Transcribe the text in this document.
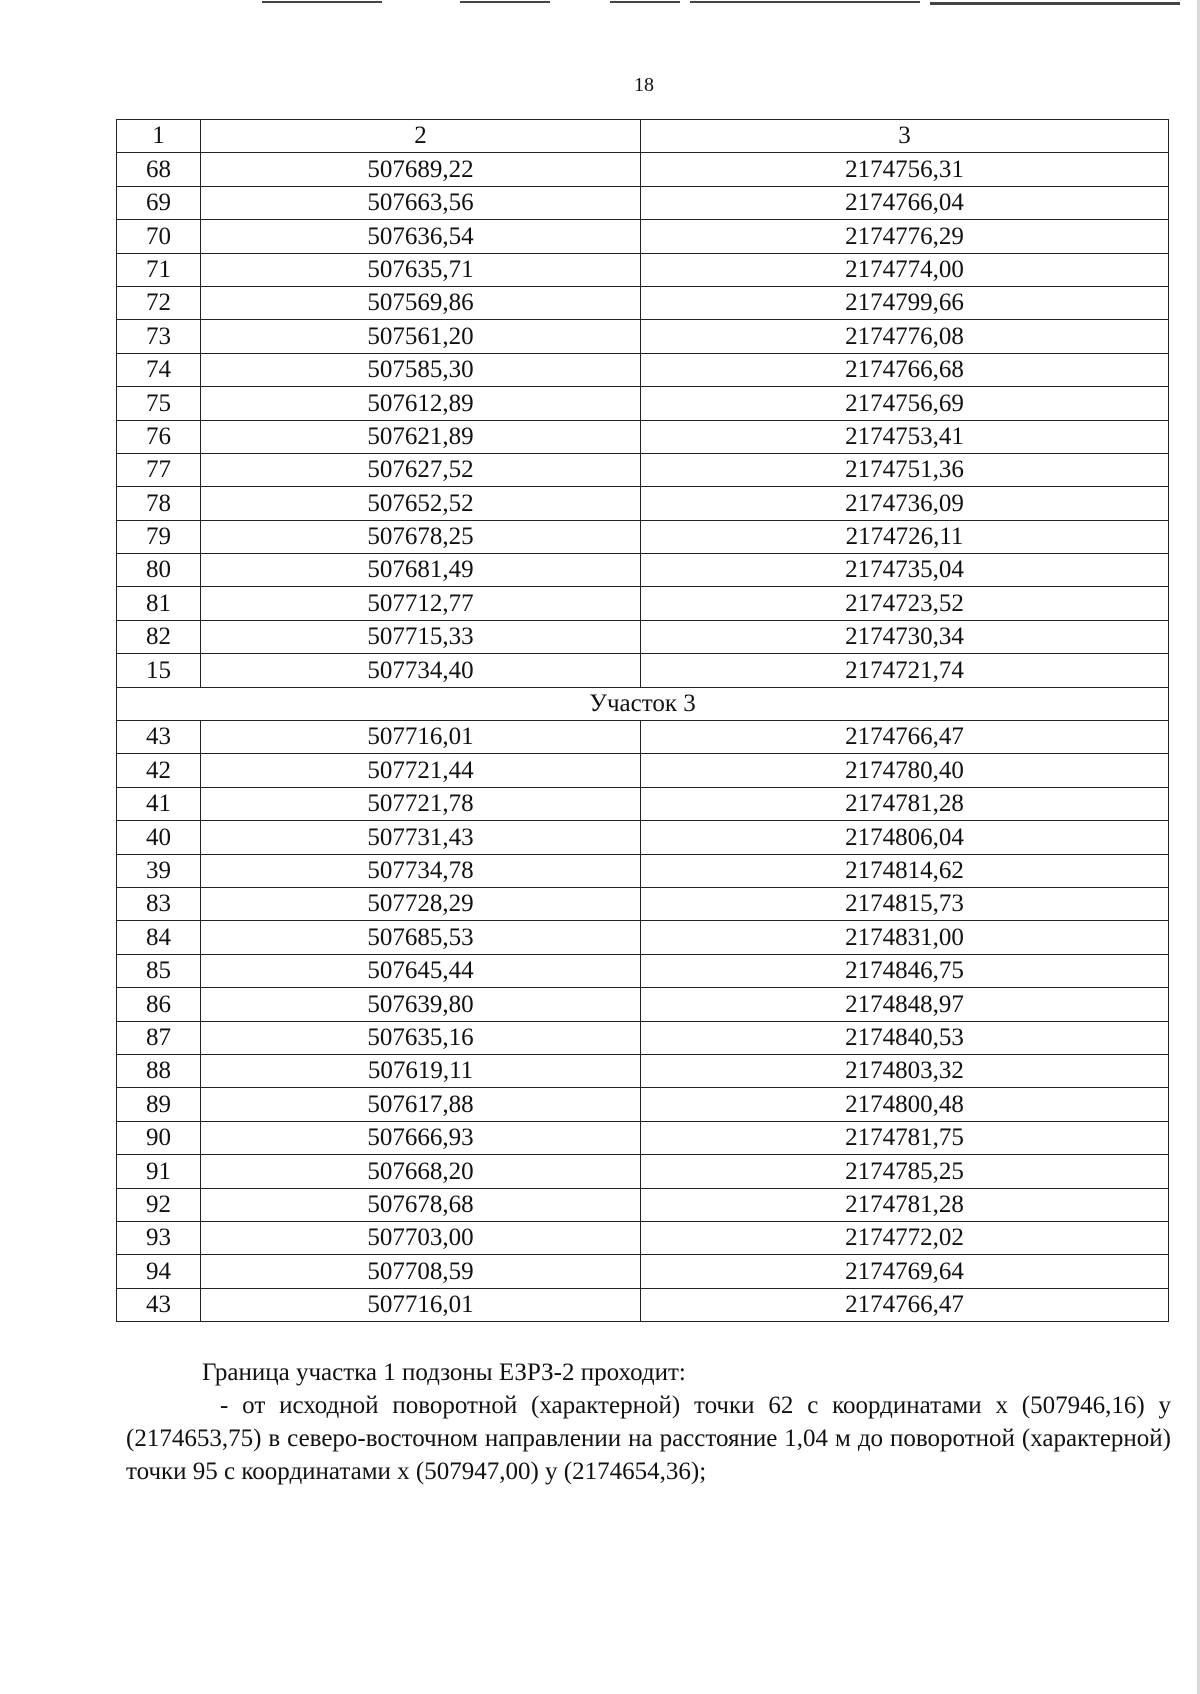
18
1	2	3
68	507689,22	2174756,31
69	507663,56	2174766,04
70	507636,54	2174776,29
71	507635,71	2174774,00
72	507569,86	2174799,66
73	507561,20	2174776,08
74	507585,30	2174766,68
75	507612,89	2174756,69
76	507621,89	2174753,41
77	507627,52	2174751,36
78	507652,52	2174736,09
79	507678,25	2174726,11
80	507681,49	2174735,04
81	507712,77	2174723,52
82	507715,33	2174730,34
15	507734,40	2174721,74
Участок 3		
43	507716,01	2174766,47
42	507721,44	2174780,40
41	507721,78	2174781,28
40	507731,43	2174806,04
39	507734,78	2174814,62
83	507728,29	2174815,73
84	507685,53	2174831,00
85	507645,44	2174846,75
86	507639,80	2174848,97
87	507635,16	2174840,53
88	507619,11	2174803,32
89	507617,88	2174800,48
90	507666,93	2174781,75
91	507668,20	2174785,25
92	507678,68	2174781,28
93	507703,00	2174772,02
94	507708,59	2174769,64
43	507716,01	2174766,47

Граница участка 1 подзоны ЕЗРЗ-2 проходит:

- от исходной поворотной (характерной) точки 62 с координатами x (507946,16) y (2174653,75) в северо-восточном направлении на расстояние 1,04 м до поворотной (характерной) точки 95 с координатами x (507947,00) y (2174654,36);
